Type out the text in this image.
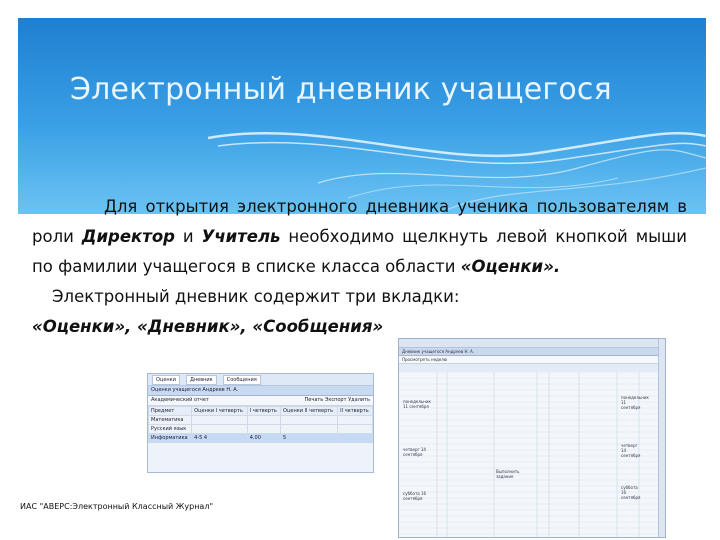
Электронный дневник учащегося

Для открытия электронного дневника ученика пользователям в роли Директор и Учитель необходимо щелкнуть левой кнопкой мыши по фамилии учащегося в списке класса области «Оценки».

Электронный дневник содержит три вкладки:

«Оценки», «Дневник», «Сообщения»

Оценки	Дневник	Сообщения
Оценки учащегося Андреев Н. А.
Академический отчет	Печать Экспорт Удалить
Предмет	Оценки I четверть	I четверть	Оценки II четверть	II четверть
Математика				
Русский язык				
Информатика	4-5 4	4.00	5	
Дневник учащегося Андреев Н. А.
Просмотреть неделю
понедельник 11 сентября
четверг 14 сентября
суббота 16 сентября
понедельник 11 сентября
четверг 14 сентября
суббота 16 сентября
Выполнить задание
ИАС "АВЕРС:Электронный Классный Журнал"
